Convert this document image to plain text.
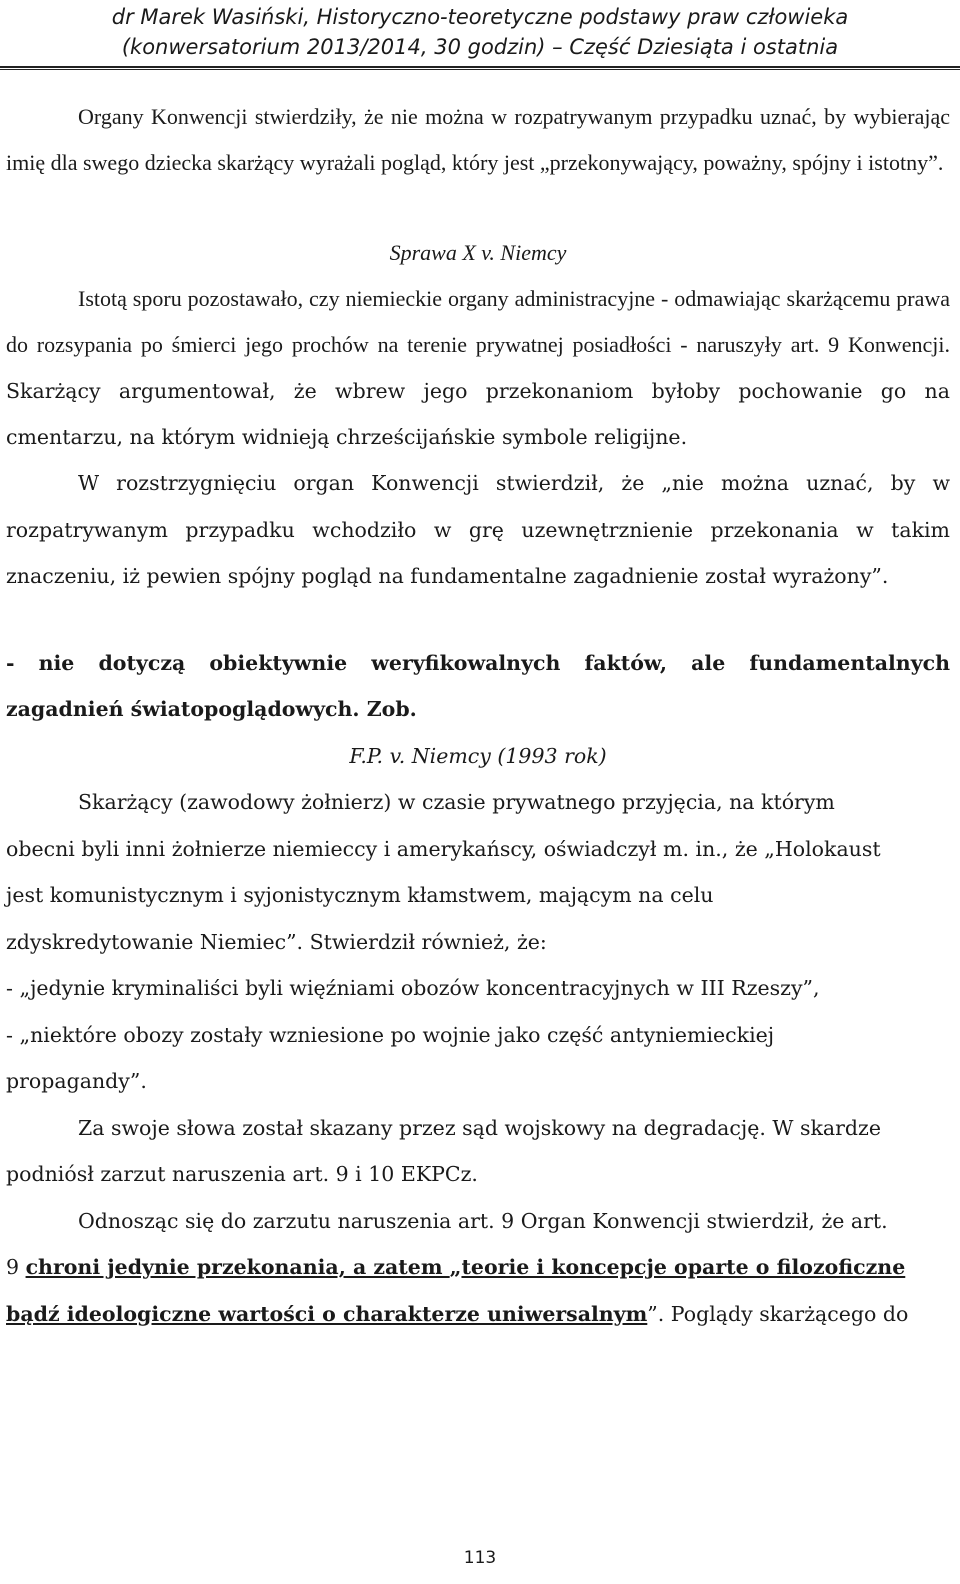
dr Marek Wasiński, Historyczno-teoretyczne podstawy praw człowieka
(konwersatorium 2013/2014, 30 godzin) – Część Dziesiąta i ostatnia

Organy Konwencji stwierdziły, że nie można w rozpatrywanym przypadku uznać, by wybierając imię dla swego dziecka skarżący wyrażali pogląd, który jest „przekonywający, poważny, spójny i istotny”.

Sprawa X v. Niemcy

Istotą sporu pozostawało, czy niemieckie organy administracyjne - odmawiając skarżącemu prawa do rozsypania po śmierci jego prochów na terenie prywatnej posiadłości - naruszyły art. 9 Konwencji. Skarżący argumentował, że wbrew jego przekonaniom byłoby pochowanie go na cmentarzu, na którym widnieją chrześcijańskie symbole religijne.

W rozstrzygnięciu organ Konwencji stwierdził, że „nie można uznać, by w rozpatrywanym przypadku wchodziło w grę uzewnętrznienie przekonania w takim znaczeniu, iż pewien spójny pogląd na fundamentalne zagadnienie został wyrażony”.

- nie dotyczą obiektywnie weryfikowalnych faktów, ale fundamentalnych zagadnień światopoglądowych. Zob.

F.P. v. Niemcy (1993 rok)

Skarżący (zawodowy żołnierz) w czasie prywatnego przyjęcia, na którym

obecni byli inni żołnierze niemieccy i amerykańscy, oświadczył m. in., że „Holokaust

jest komunistycznym i syjonistycznym kłamstwem, mającym na celu

zdyskredytowanie Niemiec”. Stwierdził również, że:

- „jedynie kryminaliści byli więźniami obozów koncentracyjnych w III Rzeszy”,

- „niektóre obozy zostały wzniesione po wojnie jako część antyniemieckiej

propagandy”.

Za swoje słowa został skazany przez sąd wojskowy na degradację. W skardze

podniósł zarzut naruszenia art. 9 i 10 EKPCz.

Odnosząc się do zarzutu naruszenia art. 9 Organ Konwencji stwierdził, że art.

9 chroni jedynie przekonania, a zatem „teorie i koncepcje oparte o filozoficzne

bądź ideologiczne wartości o charakterze uniwersalnym”. Poglądy skarżącego do

113
